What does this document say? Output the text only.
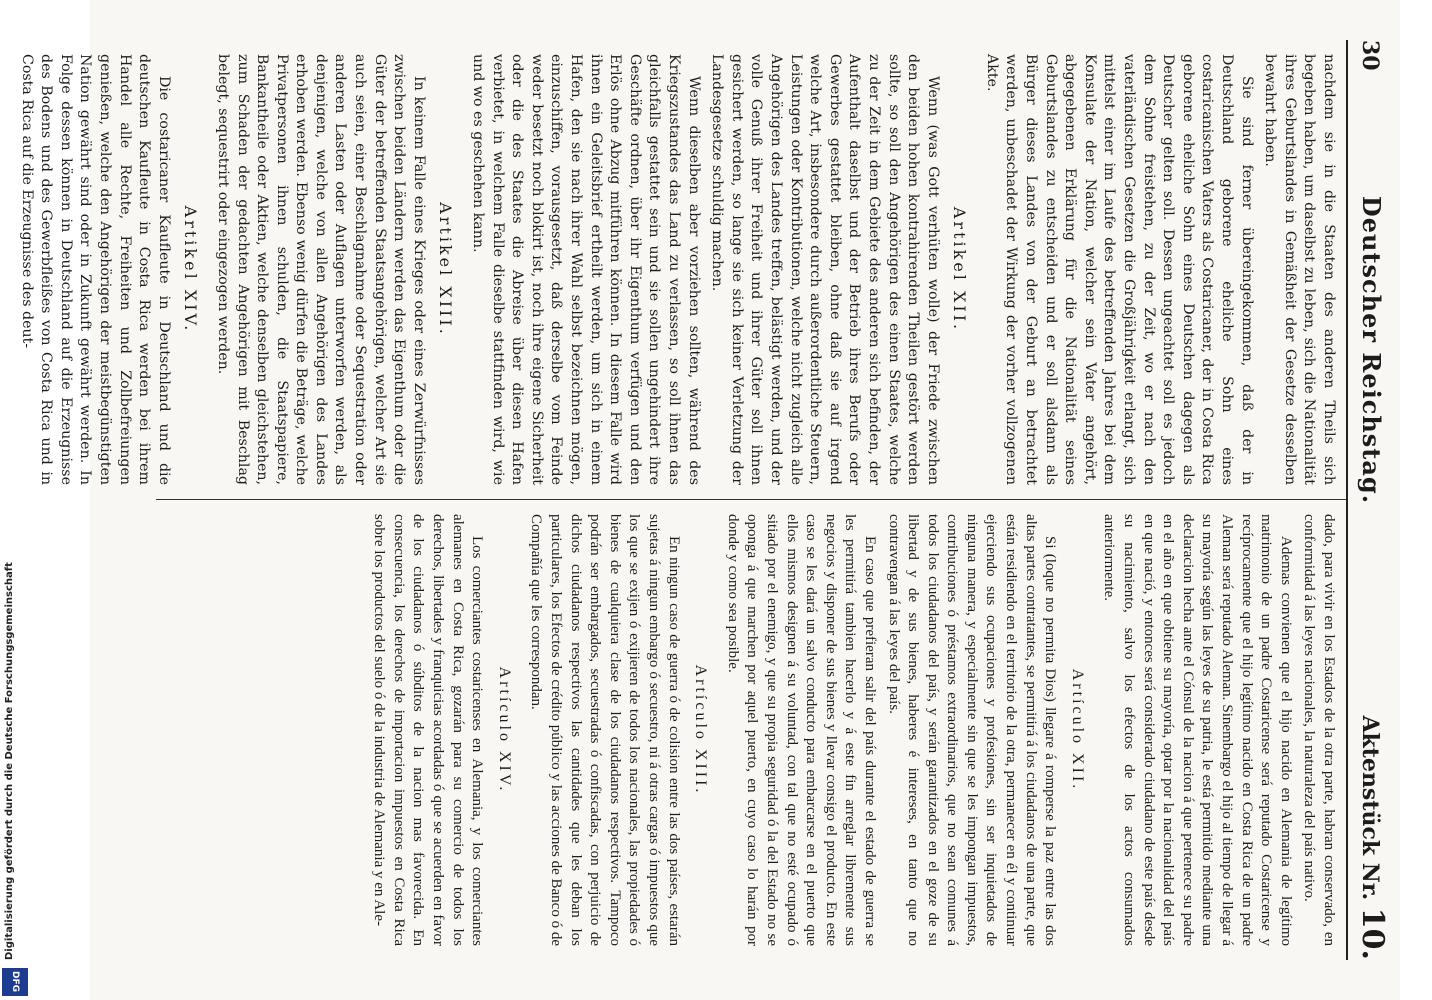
30
Deutscher Reichstag.
Aktenstück Nr. 10.

nachdem sie in die Staaten des anderen Theils sich begeben haben, um daselbst zu leben, sich die Nationalität ihres Geburtslandes in Gemäßheit der Gesetze desselben bewahrt haben.

Sie sind ferner übereingekommen, daß der in Deutschland geborene eheliche Sohn eines costaricanischen Vaters als Costaricaner, der in Costa Rica geborene eheliche Sohn eines Deutschen dagegen als Deutscher gelten soll. Dessen ungeachtet soll es jedoch dem Sohne freistehen, zu der Zeit, wo er nach den vaterländischen Gesetzen die Großjährigkeit erlangt, sich mittelst einer im Laufe des betreffenden Jahres bei dem Konsulate der Nation, welcher sein Vater angehört, abgegebenen Erklärung für die Nationalität seines Geburtslandes zu entscheiden und er soll alsdann als Bürger dieses Landes von der Geburt an betrachtet werden, unbeschadet der Wirkung der vorher vollzogenen Akte.

Artikel XII.

Wenn (was Gott verhüten wolle) der Friede zwischen den beiden hohen kontrahirenden Theilen gestört werden sollte, so soll den Angehörigen des einen Staates, welche zu der Zeit in dem Gebiete des anderen sich befinden, der Aufenthalt daselbst und der Betrieb ihres Berufs oder Gewerbes gestattet bleiben, ohne daß sie auf irgend welche Art, insbesondere durch außerordentliche Steuern, Leistungen oder Kontributionen, welche nicht zugleich alle Angehörigen des Landes treffen, belästigt werden, und der volle Genuß ihrer Freiheit und ihrer Güter soll ihnen gesichert werden, so lange sie sich keiner Verletzung der Landesgesetze schuldig machen.

Wenn dieselben aber vorziehen sollten, während des Kriegszustandes das Land zu verlassen, so soll ihnen das gleichfalls gestattet sein und sie sollen ungehindert ihre Geschäfte ordnen, über ihr Eigenthum verfügen und den Erlös ohne Abzug mitführen können. In diesem Falle wird ihnen ein Geleitsbrief ertheilt werden, um sich in einem Hafen, den sie nach ihrer Wahl selbst bezeichnen mögen, einzuschiffen, vorausgesetzt, daß derselbe vom Feinde weder besetzt noch blokirt ist, noch ihre eigene Sicherheit oder die des Staates die Abreise über diesen Hafen verbietet, in welchem Falle dieselbe stattfinden wird, wie und wo es geschehen kann.

Artikel XIII.

In keinem Falle eines Krieges oder eines Zerwürfnisses zwischen beiden Ländern werden das Eigenthum oder die Güter der betreffenden Staatsangehörigen, welcher Art sie auch seien, einer Beschlagnahme oder Sequestration oder anderen Lasten oder Auflagen unterworfen werden, als denjenigen, welche von allen Angehörigen des Landes erhoben werden. Ebenso wenig dürfen die Beträge, welche Privatpersonen ihnen schulden, die Staatspapiere, Bankantheile oder Aktien, welche denselben gleichstehen, zum Schaden der gedachten Angehörigen mit Beschlag belegt, sequestrirt oder eingezogen werden.

Artikel XIV.

Die costaricaner Kaufleute in Deutschland und die deutschen Kaufleute in Costa Rica werden bei ihrem Handel alle Rechte, Freiheiten und Zollbefreiungen genießen, welche den Angehörigen der meistbegünstigten Nation gewährt sind oder in Zukunft gewährt werden. In Folge dessen können in Deutschland auf die Erzeugnisse des Bodens und des Gewerbfleißes von Costa Rica und in Costa Rica auf die Erzeugnisse des deut-

dado, para vivir en los Estados de la otra parte, habran conservado, en conformidad á las leyes nacionales, la naturaleza del país nativo.

Ademas convienen que el hijo nacido en Alemania de legítimo matrimonio de un padre Costaricense será reputado Costaricense y recíprocamente que el hijo legítimo nacido en Costa Rica de un padre Aleman será reputado Aleman. Sinembargo el hijo al tiempo de llegar á su mayoría según las leyes de su patria, le está permitido mediante una declaracion hecha ante el Cónsul de la nacion á que pertenece su padre en el año en que obtiene su mayoría, optar por la nacionalidad del país en que nació, y entonces será considerado ciudadano de este país desde su nacimiento, salvo los efectos de los actos consumados anteriormente.

Artículo XII.

Si (loque no permita Dios) llegare á romperse la paz entre las dos altas partes contratantes, se permitirá á los ciudadanos de una parte, que están residiendo en el territorio de la otra, permanecer en él y continuar ejerciendo sus ocupaciones y profesiones, sin ser inquietados de ninguna manera, y especialmente sin que se les impongan impuestos, contribuciones ó préstamos extraordinarios, que no sean comunes á todos los ciudadanos del país, y serán garantizados en el goze de su libertad y de sus bienes, haberes é intereses, en tanto que no contravengan á las leyes del país.

En caso que prefieran salir del país durante el estado de guerra se les permitirá tambien hacerlo y á este fin arreglar libremente sus negocios y disponer de sus bienes y llevar consigo el producto. En este caso se les dará un salvo conducto para embarcarse en el puerto que ellos mismos designen á su voluntad, con tal que no esté ocupado ó sitiado por el enemigo, y que su propia seguridad ó la del Estado no se oponga á que marchen por aquel puerto, en cuyo caso lo harán por donde y como sea posible.

Artículo XIII.

En ningun caso de guerra ó de colision entre las dos países, estarán sujetas á ningun embargo ó secuestro, ni á otras cargas ó impuestos que los que se exijen ó exijieren de todos los nacionales, las propiedades ó bienes de cualquiera clase de los ciudadanos respectivos. Tampoco podrán ser embargados, secuestradas ó confiscadas, con perjuicio de dichos ciudadanos respectivos las cantidades que les deban los particulares, los Efectos de crédito público y las acciones de Banco ó de Compañía que les correspondan.

Artículo XIV.

Los comerciantes costaricenses en Alemania, y los comerciantes alemanes en Costa Rica, gozarán para su comercio de todos los derechos, libertades y franquicias acordadas ó que se acuerden en favor de los ciudadanos ó súbditos de la nacion mas favorecida. En consecuencia, los derechos de importacion impuestos en Costa Rica sobre los productos del suelo ó de la industria de Alemania y en Ale-

Digitalisierung gefördert durch die Deutsche Forschungsgemeinschaft
DFG
